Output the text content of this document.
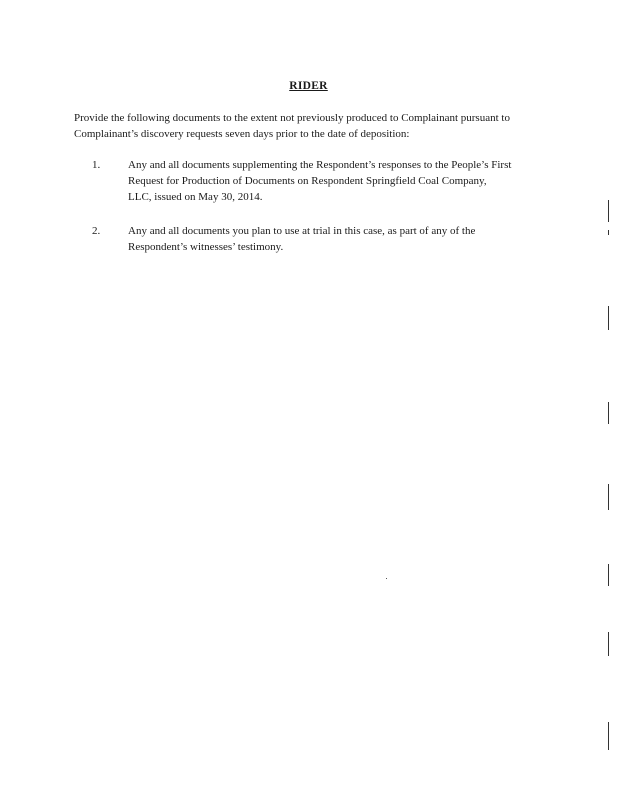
RIDER
Provide the following documents to the extent not previously produced to Complainant pursuant to Complainant’s discovery requests seven days prior to the date of deposition:
1.	Any and all documents supplementing the Respondent’s responses to the People’s First Request for Production of Documents on Respondent Springfield Coal Company, LLC, issued on May 30, 2014.
2.	Any and all documents you plan to use at trial in this case, as part of any of the Respondent’s witnesses’ testimony.
